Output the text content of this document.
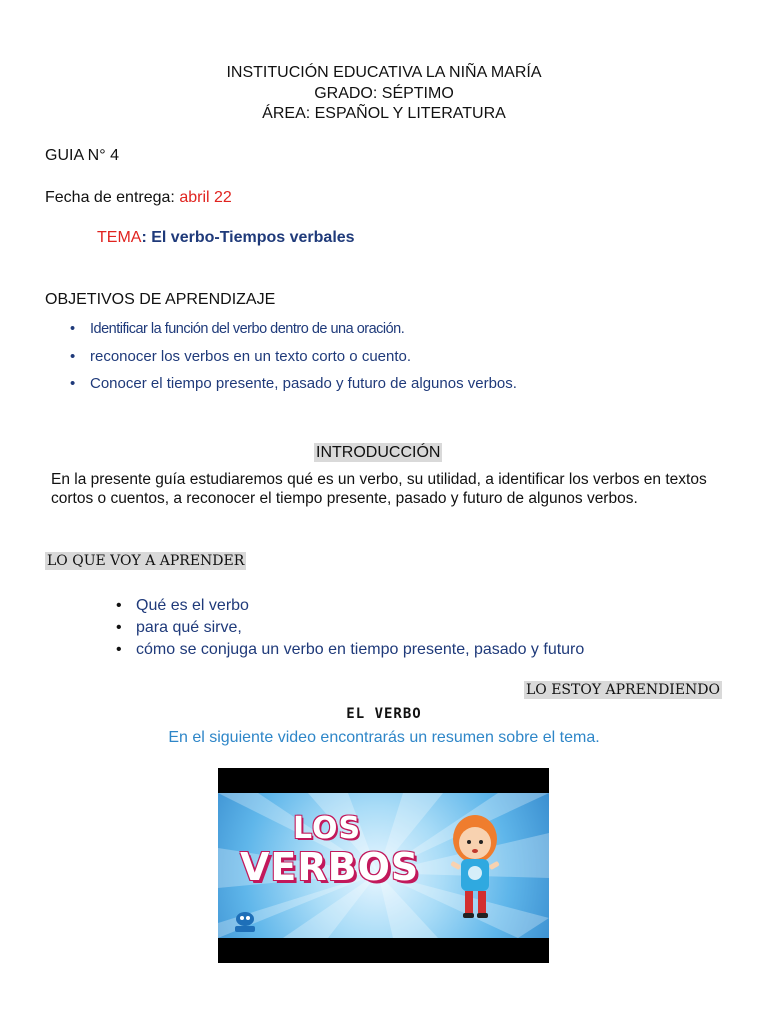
INSTITUCIÓN EDUCATIVA LA NIÑA MARÍA
GRADO: SÉPTIMO
ÁREA: ESPAÑOL Y LITERATURA
GUIA N° 4
Fecha de entrega: abril 22
TEMA: El verbo-Tiempos verbales
OBJETIVOS DE APRENDIZAJE
• Identificar la función del verbo dentro de una oración.
• reconocer los verbos en un texto corto o cuento.
• Conocer el tiempo presente, pasado y futuro de algunos verbos.
INTRODUCCIÓN
En la presente guía estudiaremos qué es un verbo, su utilidad, a identificar los verbos en textos cortos o cuentos, a reconocer el tiempo presente, pasado y futuro de algunos verbos.
LO QUE VOY A APRENDER
• Qué es el verbo
• para qué sirve,
• cómo se conjuga un verbo en tiempo presente, pasado y futuro
LO ESTOY APRENDIENDO
EL VERBO
En el siguiente video encontrarás un resumen sobre el tema.
LOS
VERBOS
